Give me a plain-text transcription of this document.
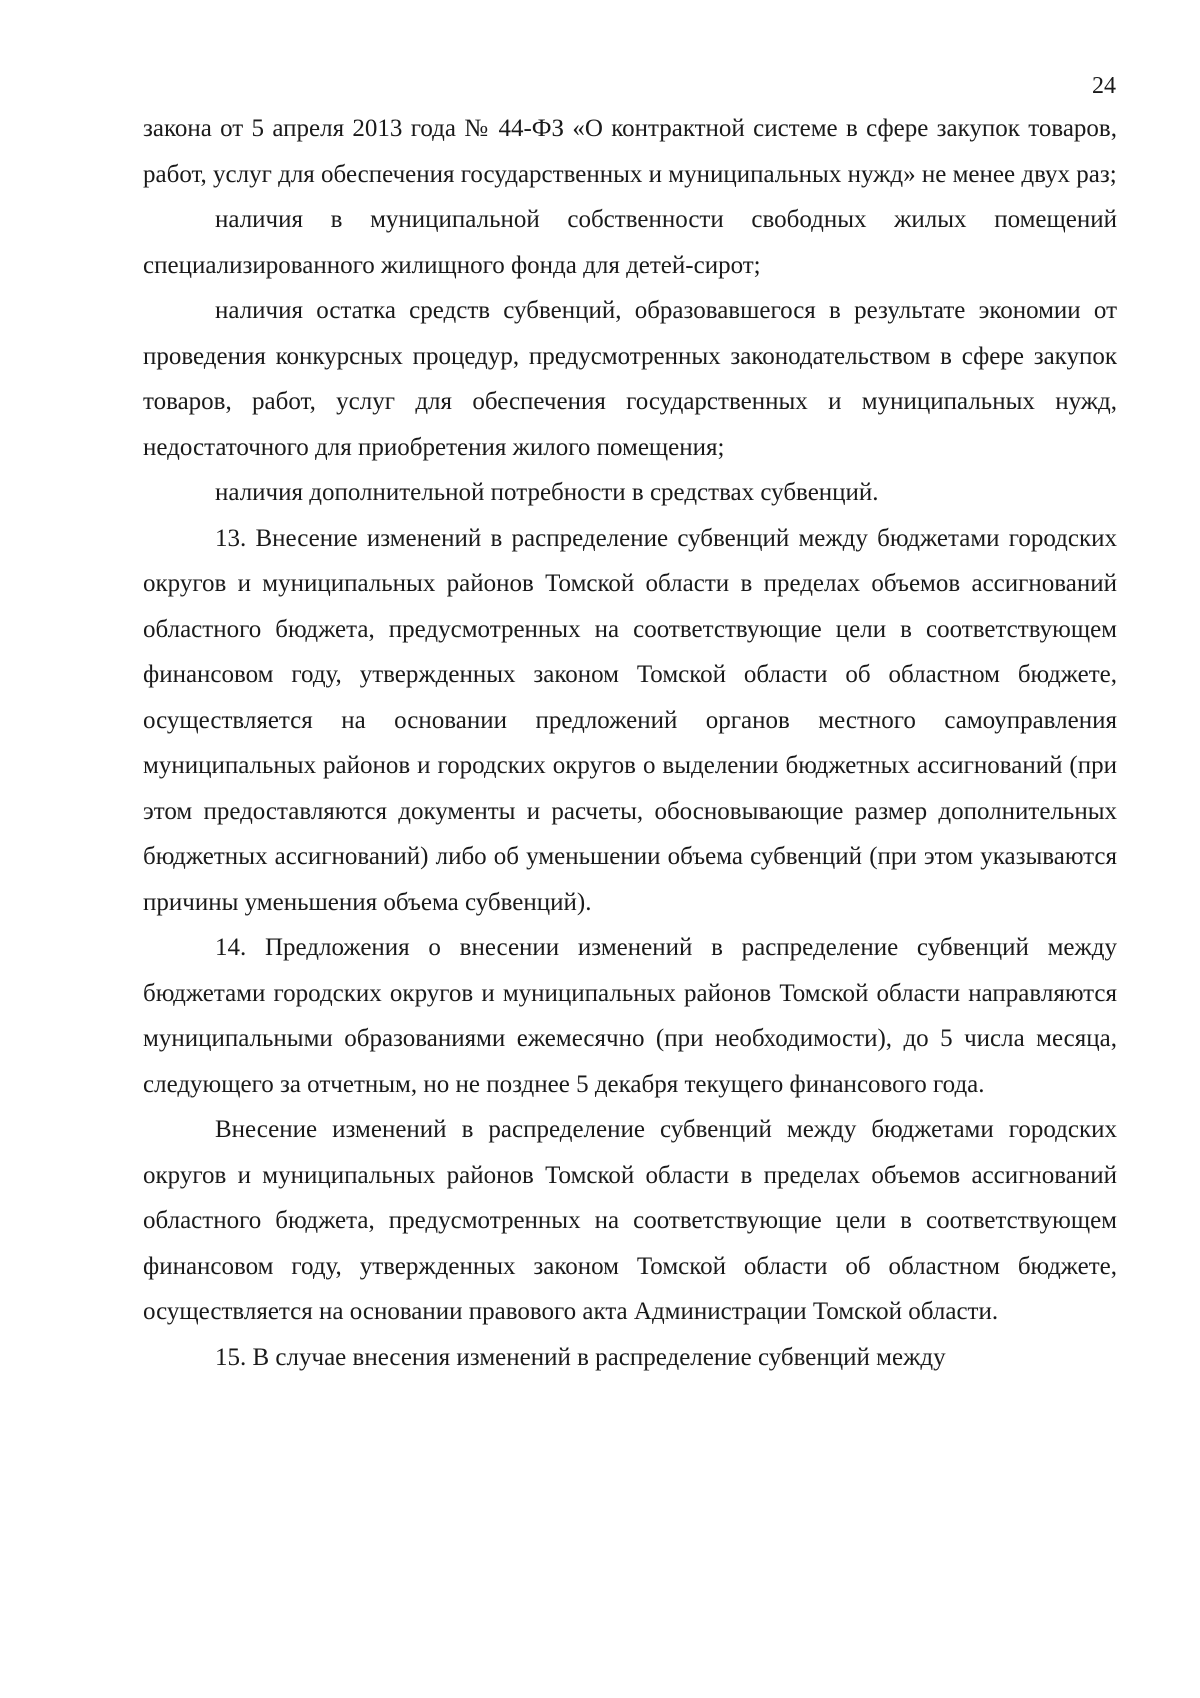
24

закона от 5 апреля 2013 года № 44-ФЗ «О контрактной системе в сфере закупок товаров, работ, услуг для обеспечения государственных и муниципальных нужд» не менее двух раз;

наличия в муниципальной собственности свободных жилых помещений специализированного жилищного фонда для детей-сирот;

наличия остатка средств субвенций, образовавшегося в результате экономии от проведения конкурсных процедур, предусмотренных законодательством в сфере закупок товаров, работ, услуг для обеспечения государственных и муниципальных нужд, недостаточного для приобретения жилого помещения;

наличия дополнительной потребности в средствах субвенций.

13. Внесение изменений в распределение субвенций между бюджетами городских округов и муниципальных районов Томской области в пределах объемов ассигнований областного бюджета, предусмотренных на соответствующие цели в соответствующем финансовом году, утвержденных законом Томской области об областном бюджете, осуществляется на основании предложений органов местного самоуправления муниципальных районов и городских округов о выделении бюджетных ассигнований (при этом предоставляются документы и расчеты, обосновывающие размер дополнительных бюджетных ассигнований) либо об уменьшении объема субвенций (при этом указываются причины уменьшения объема субвенций).

14. Предложения о внесении изменений в распределение субвенций между бюджетами городских округов и муниципальных районов Томской области направляются муниципальными образованиями ежемесячно (при необходимости), до 5 числа месяца, следующего за отчетным, но не позднее 5 декабря текущего финансового года.

Внесение изменений в распределение субвенций между бюджетами городских округов и муниципальных районов Томской области в пределах объемов ассигнований областного бюджета, предусмотренных на соответствующие цели в соответствующем финансовом году, утвержденных законом Томской области об областном бюджете, осуществляется на основании правового акта Администрации Томской области.

15. В случае внесения изменений в распределение субвенций между
